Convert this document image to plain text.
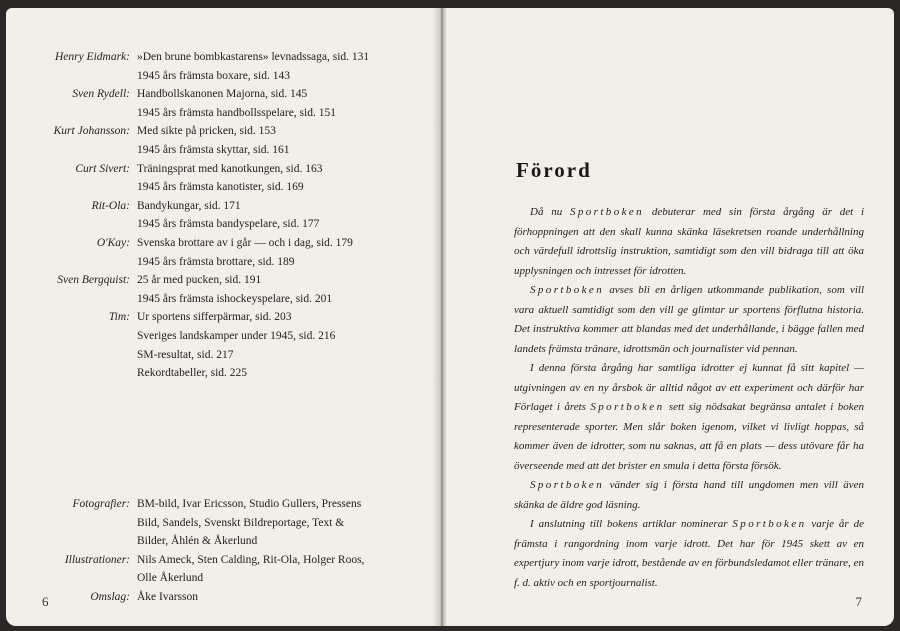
Henry Eidmark: »Den brune bombkastarens» levnadssaga, sid. 131
1945 års främsta boxare, sid. 143
Sven Rydell: Handbollskanonen Majorna, sid. 145
1945 års främsta handbollsspelare, sid. 151
Kurt Johansson: Med sikte på pricken, sid. 153
1945 års främsta skyttar, sid. 161
Curt Sivert: Träningsprat med kanotkungen, sid. 163
1945 års främsta kanotister, sid. 169
Rit-Ola: Bandykungar, sid. 171
1945 års främsta bandyspelare, sid. 177
O'Kay: Svenska brottare av i går — och i dag, sid. 179
1945 års främsta brottare, sid. 189
Sven Bergquist: 25 år med pucken, sid. 191
1945 års främsta ishockeyspelare, sid. 201
Tim: Ur sportens sifferpärmar, sid. 203
Sveriges landskamper under 1945, sid. 216
SM-resultat, sid. 217
Rekordtabeller, sid. 225
Fotografier: BM-bild, Ivar Ericsson, Studio Gullers, Pressens
Bild, Sandels, Svenskt Bildreportage, Text &
Bilder, Åhlén & Åkerlund
Illustrationer: Nils Ameck, Sten Calding, Rit-Ola, Holger Roos,
Olle Åkerlund
Omslag: Åke Ivarsson
6
Förord

Då nu Sportboken debuterar med sin första årgång är det i förhoppningen att den skall kunna skänka läsekretsen roande underhållning och värdefull idrottslig instruktion, samtidigt som den vill bidraga till att öka upplysningen och intresset för idrotten.

Sportboken avses bli en årligen utkommande publikation, som vill vara aktuell samtidigt som den vill ge glimtar ur sportens förflutna historia. Det instruktiva kommer att blandas med det underhållande, i bägge fallen med landets främsta tränare, idrottsmän och journalister vid pennan.

I denna första årgång har samtliga idrotter ej kunnat få sitt kapitel — utgivningen av en ny årsbok är alltid något av ett experiment och därför har Förlaget i årets Sportboken sett sig nödsakat begränsa antalet i boken representerade sporter. Men slår boken igenom, vilket vi livligt hoppas, så kommer även de idrotter, som nu saknas, att få en plats — dess utövare får ha överseende med att det brister en smula i detta första försök.

Sportboken vänder sig i första hand till ungdomen men vill även skänka de äldre god läsning.

I anslutning till bokens artiklar nominerar Sportboken varje år de främsta i rangordning inom varje idrott. Det har för 1945 skett av en expertjury inom varje idrott, bestående av en förbundsledamot eller tränare, en f. d. aktiv och en sportjournalist.

7
